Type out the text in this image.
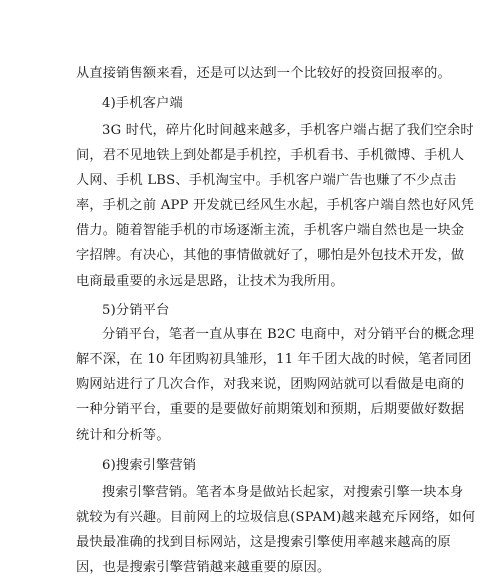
从直接销售额来看，还是可以达到一个比较好的投资回报率的。
4)手机客户端
3G 时代，碎片化时间越来越多，手机客户端占据了我们空余时
间，君不见地铁上到处都是手机控，手机看书、手机微博、手机人
人网、手机 LBS、手机淘宝中。手机客户端广告也赚了不少点击
率，手机之前 APP 开发就已经风生水起，手机客户端自然也好风凭
借力。随着智能手机的市场逐渐主流，手机客户端自然也是一块金
字招牌。有决心，其他的事情做就好了，哪怕是外包技术开发，做
电商最重要的永远是思路，让技术为我所用。
5)分销平台
分销平台，笔者一直从事在 B2C 电商中，对分销平台的概念理
解不深，在 10 年团购初具雏形，11 年千团大战的时候，笔者同团
购网站进行了几次合作，对我来说，团购网站就可以看做是电商的
一种分销平台，重要的是要做好前期策划和预期，后期要做好数据
统计和分析等。
6)搜索引擎营销
搜索引擎营销。笔者本身是做站长起家，对搜索引擎一块本身
就较为有兴趣。目前网上的垃圾信息(SPAM)越来越充斥网络，如何
最快最准确的找到目标网站，这是搜索引擎使用率越来越高的原
因，也是搜索引擎营销越来越重要的原因。
